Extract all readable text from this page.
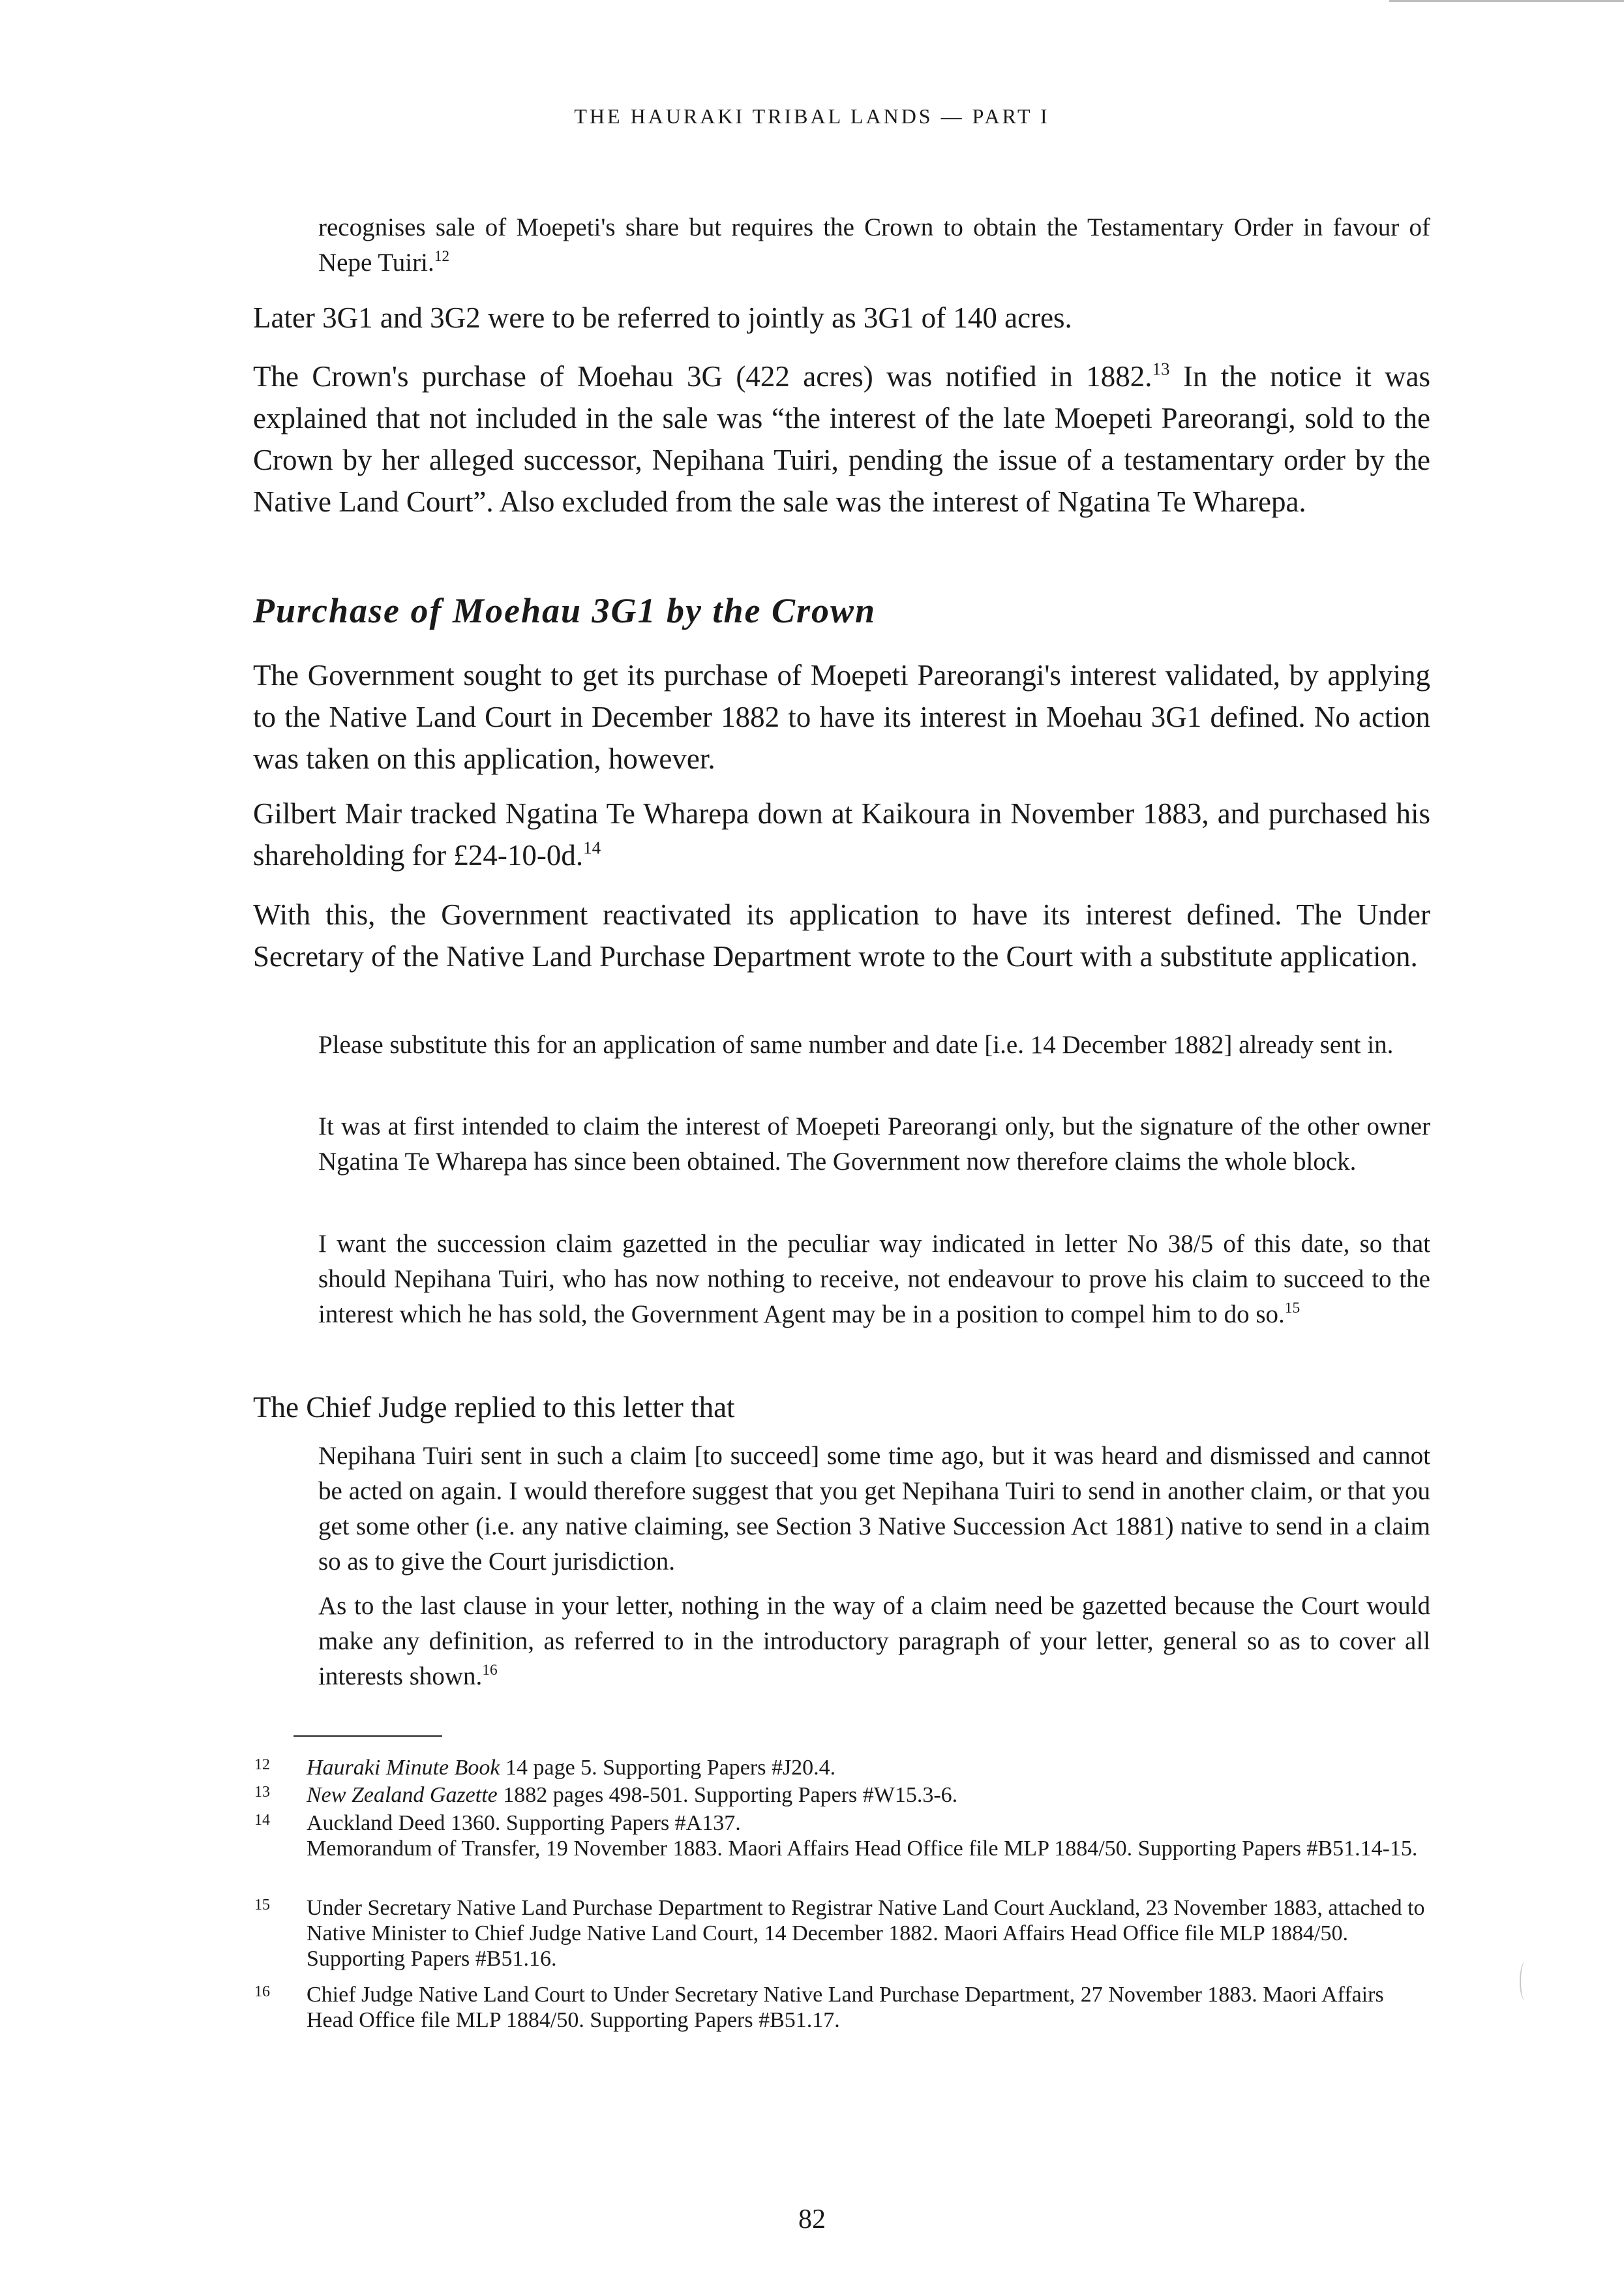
THE HAURAKI TRIBAL LANDS — PART I

recognises sale of Moepeti's share but requires the Crown to obtain the Testamentary Order in favour of Nepe Tuiri.$^{12}$

Later 3G1 and 3G2 were to be referred to jointly as 3G1 of 140 acres.

The Crown's purchase of Moehau 3G (422 acres) was notified in 1882.13 In the notice it was explained that not included in the sale was “the interest of the late Moepeti Pareorangi, sold to the Crown by her alleged successor, Nepihana Tuiri, pending the issue of a testamentary order by the Native Land Court”. Also excluded from the sale was the interest of Ngatina Te Wharepa.

Purchase of Moehau 3G1 by the Crown

The Government sought to get its purchase of Moepeti Pareorangi's interest validated, by applying to the Native Land Court in December 1882 to have its interest in Moehau 3G1 defined. No action was taken on this application, however.

Gilbert Mair tracked Ngatina Te Wharepa down at Kaikoura in November 1883, and purchased his shareholding for £24-10-0d.$^{14}$

With this, the Government reactivated its application to have its interest defined. The Under Secretary of the Native Land Purchase Department wrote to the Court with a substitute application.

Please substitute this for an application of same number and date [i.e. 14 December 1882] already sent in.

It was at first intended to claim the interest of Moepeti Pareorangi only, but the signature of the other owner Ngatina Te Wharepa has since been obtained. The Government now therefore claims the whole block.

I want the succession claim gazetted in the peculiar way indicated in letter No 38/5 of this date, so that should Nepihana Tuiri, who has now nothing to receive, not endeavour to prove his claim to succeed to the interest which he has sold, the Government Agent may be in a position to compel him to do so.$^{15}$

The Chief Judge replied to this letter that

Nepihana Tuiri sent in such a claim [to succeed] some time ago, but it was heard and dismissed and cannot be acted on again. I would therefore suggest that you get Nepihana Tuiri to send in another claim, or that you get some other (i.e. any native claiming, see Section 3 Native Succession Act 1881) native to send in a claim so as to give the Court jurisdiction.

As to the last clause in your letter, nothing in the way of a claim need be gazetted because the Court would make any definition, as referred to in the introductory paragraph of your letter, general so as to cover all interests shown.$^{16}$

12 Hauraki Minute Book 14 page 5. Supporting Papers #J20.4.
13 New Zealand Gazette 1882 pages 498-501. Supporting Papers #W15.3-6.
14 Auckland Deed 1360. Supporting Papers #A137.
Memorandum of Transfer, 19 November 1883. Maori Affairs Head Office file MLP 1884/50. Supporting Papers #B51.14-15.
15 Under Secretary Native Land Purchase Department to Registrar Native Land Court Auckland, 23 November 1883, attached to Native Minister to Chief Judge Native Land Court, 14 December 1882. Maori Affairs Head Office file MLP 1884/50. Supporting Papers #B51.16.
16 Chief Judge Native Land Court to Under Secretary Native Land Purchase Department, 27 November 1883. Maori Affairs Head Office file MLP 1884/50. Supporting Papers #B51.17.
82
